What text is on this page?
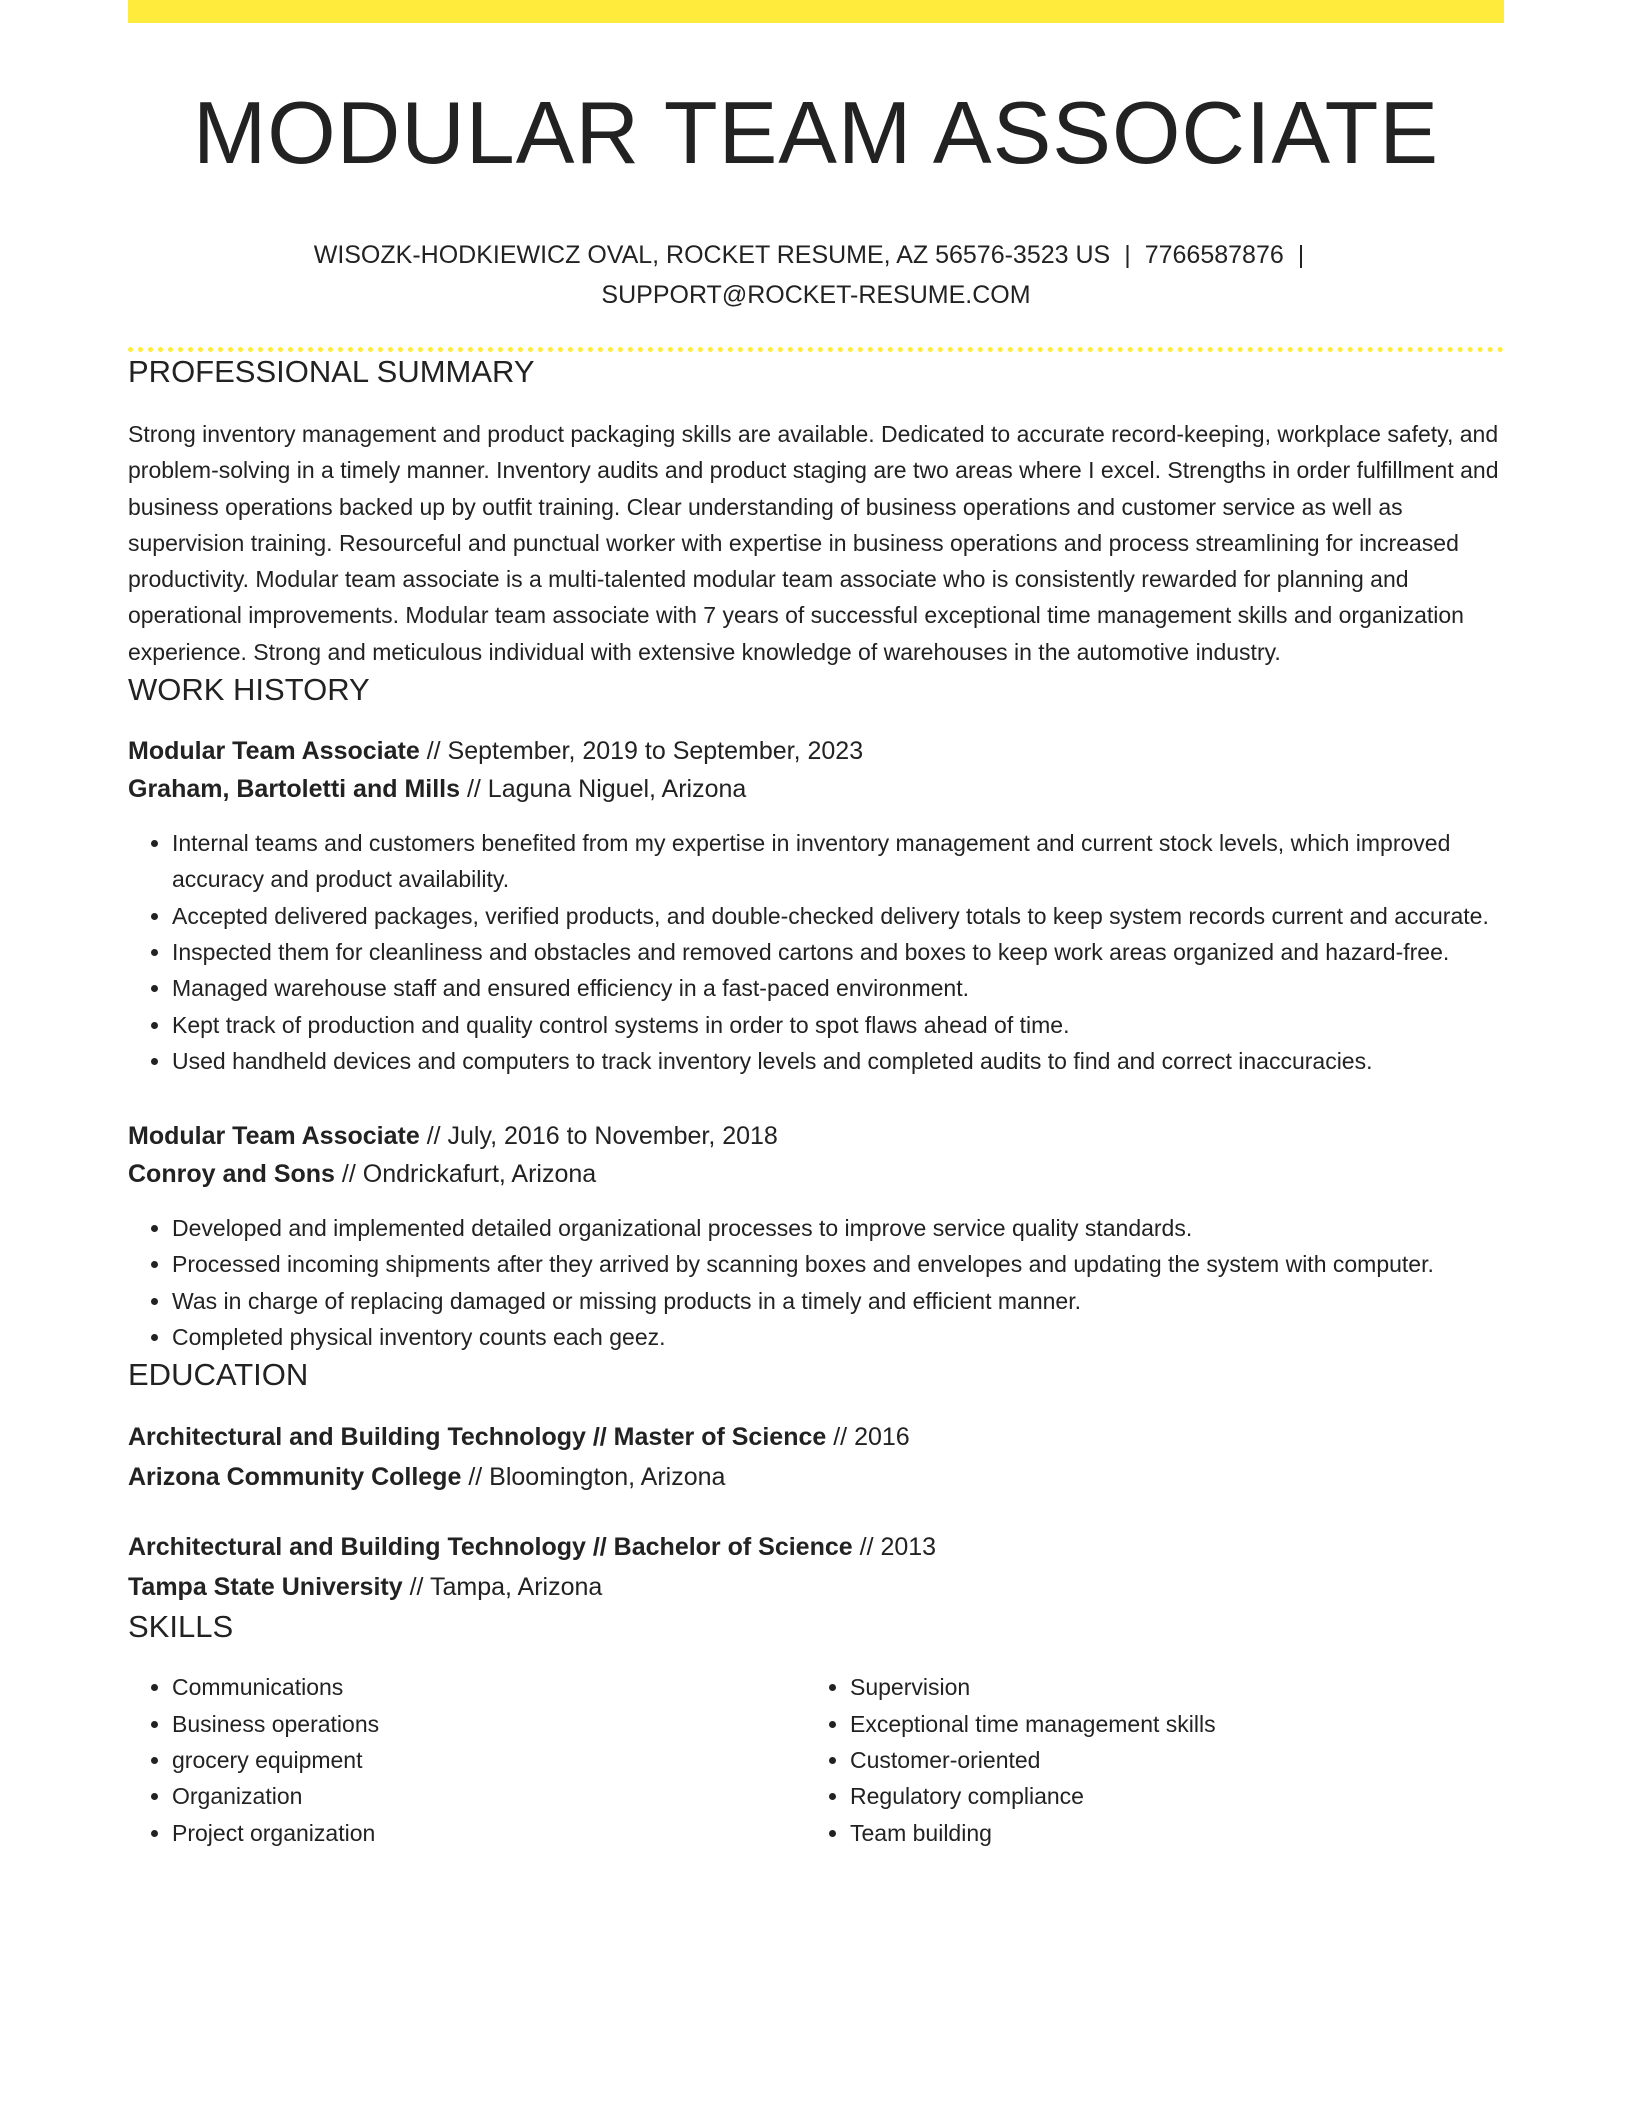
MODULAR TEAM ASSOCIATE
WISOZK-HODKIEWICZ OVAL, ROCKET RESUME, AZ 56576-3523 US | 7766587876 |
SUPPORT@ROCKET-RESUME.COM
PROFESSIONAL SUMMARY

Strong inventory management and product packaging skills are available. Dedicated to accurate record-keeping, workplace safety, and problem-solving in a timely manner. Inventory audits and product staging are two areas where I excel. Strengths in order fulfillment and business operations backed up by outfit training. Clear understanding of business operations and customer service as well as supervision training. Resourceful and punctual worker with expertise in business operations and process streamlining for increased productivity. Modular team associate is a multi-talented modular team associate who is consistently rewarded for planning and operational improvements. Modular team associate with 7 years of successful exceptional time management skills and organization experience. Strong and meticulous individual with extensive knowledge of warehouses in the automotive industry.

WORK HISTORY
Modular Team Associate // September, 2019 to September, 2023
Graham, Bartoletti and Mills // Laguna Niguel, Arizona
• Internal teams and customers benefited from my expertise in inventory management and current stock levels, which improved accuracy and product availability.
• Accepted delivered packages, verified products, and double-checked delivery totals to keep system records current and accurate.
• Inspected them for cleanliness and obstacles and removed cartons and boxes to keep work areas organized and hazard-free.
• Managed warehouse staff and ensured efficiency in a fast-paced environment.
• Kept track of production and quality control systems in order to spot flaws ahead of time.
• Used handheld devices and computers to track inventory levels and completed audits to find and correct inaccuracies.
Modular Team Associate // July, 2016 to November, 2018
Conroy and Sons // Ondrickafurt, Arizona
• Developed and implemented detailed organizational processes to improve service quality standards.
• Processed incoming shipments after they arrived by scanning boxes and envelopes and updating the system with computer.
• Was in charge of replacing damaged or missing products in a timely and efficient manner.
• Completed physical inventory counts each geez.
EDUCATION
Architectural and Building Technology // Master of Science // 2016
Arizona Community College // Bloomington, Arizona
Architectural and Building Technology // Bachelor of Science // 2013
Tampa State University // Tampa, Arizona
SKILLS
• Communications
• Business operations
• grocery equipment
• Organization
• Project organization
• Supervision
• Exceptional time management skills
• Customer-oriented
• Regulatory compliance
• Team building
